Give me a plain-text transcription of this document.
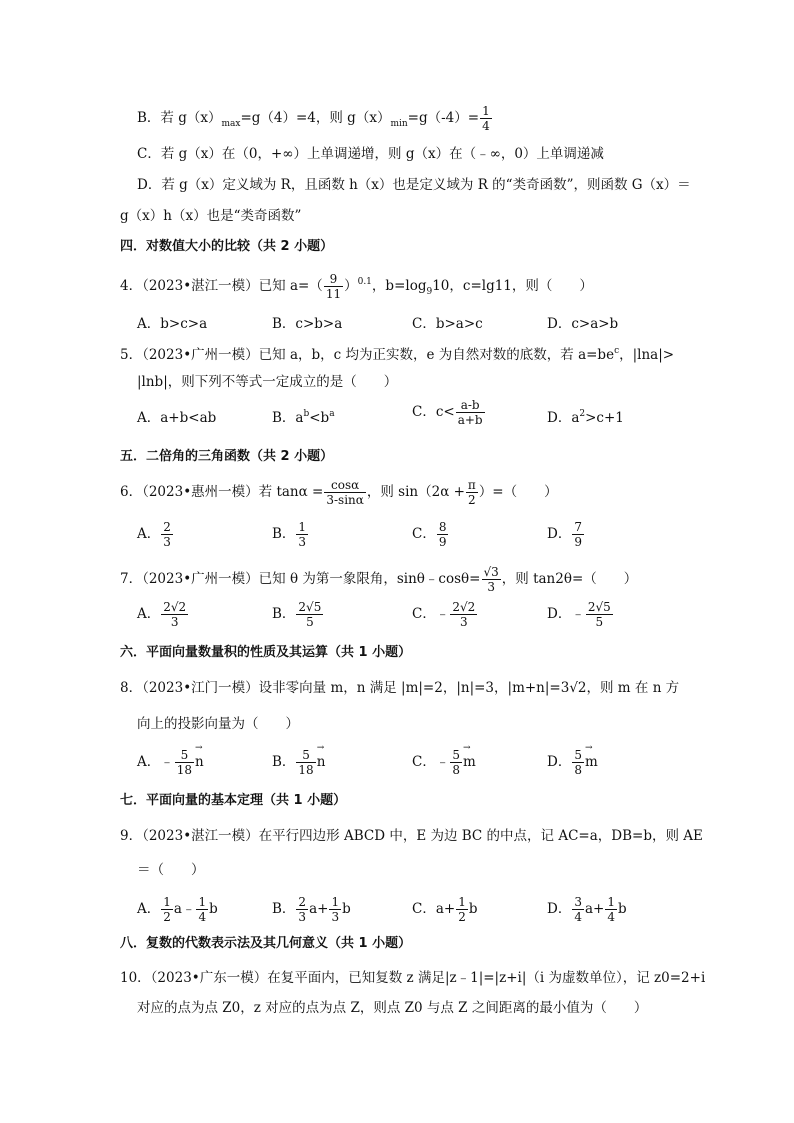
B．若 $g(x)_{max}=g(4)=4$，则 $g(x)_{min}=g(-4)= \frac{1}{4}$
C．若 g（x）在（0，+∞）上单调递增，则 g（x）在（﹣∞，0）上单调递减
D．若 g（x）定义域为 R，且函数 h（x）也是定义域为 R 的“类奇函数”，则函数 G（x）＝
g（x）h（x）也是“类奇函数”
四．对数值大小的比较（共 2 小题）
4．（2023•湛江一模）已知 $a=( \frac{9}{11} )^{0.1}$，$b=\log_910$，c=lg11，则（　　）
A．b>c>a	B．c>b>a	C．b>a>c	D．c>a>b
5．（2023•广州一模）已知 a，b，c 均为正实数，e 为自然对数的底数，若 $a=be^c$，|lna|>
|lnb|，则下列不等式一定成立的是（　　）
A．a+b<ab	B．$a^b<b^a$	C．$c< \frac{a-b}{a+b}$	D．$a^2>c+1$
五．二倍角的三角函数（共 2 小题）
6．（2023•惠州一模）若 $\tan\alpha = \frac{\cos\alpha}{3-\sin\alpha}$ ，则 $\sin(2\alpha + \frac{\pi}{2}$ ）=（　　）
A． $\frac{2}{3}$	B． $\frac{1}{3}$	C． $\frac{8}{9}$	D． $\frac{7}{9}$
7．（2023•广州一模）已知 θ 为第一象限角，sinθ﹣cosθ= $\frac{√3}{3}$ ，则 tan2θ=（　　）
A． $\frac{2√2}{3}$	B． $\frac{2√5}{5}$	C．﹣ $\frac{2√2}{3}$	D．﹣ $\frac{2√5}{5}$
六．平面向量数量积的性质及其运算（共 1 小题）
8．（2023•江门一模）设非零向量 m，n 满足 |m|=2，|n|=3，|m+n|=3√2，则 m 在 n 方
向上的投影向量为（　　）
A．﹣ $\frac{5}{18}$
→ n	B． $\frac{5}{18}$
→ n	C．﹣ $\frac{5}{8}$
→ m	D． $\frac{5}{8}$
→ m
七．平面向量的基本定理（共 1 小题）
9．（2023•湛江一模）在平行四边形 ABCD 中，E 为边 BC 的中点，记 AC=a，DB=b，则 AE
＝（　　）
A． $\frac{1}{2}$ a﹣ $\frac{1}{4}$ b	B． $\frac{2}{3} a+ \frac{1}{3}$ b	C．$a+ \frac{1}{2}$ b	D． $\frac{3}{4} a+ \frac{1}{4}$ b
八．复数的代数表示法及其几何意义（共 1 小题）
10．（2023•广东一模）在复平面内，已知复数 z 满足|z﹣1|=|z+i|（i 为虚数单位），记 z0=2+i
对应的点为点 Z0，z 对应的点为点 Z，则点 Z0 与点 Z 之间距离的最小值为（　　）
